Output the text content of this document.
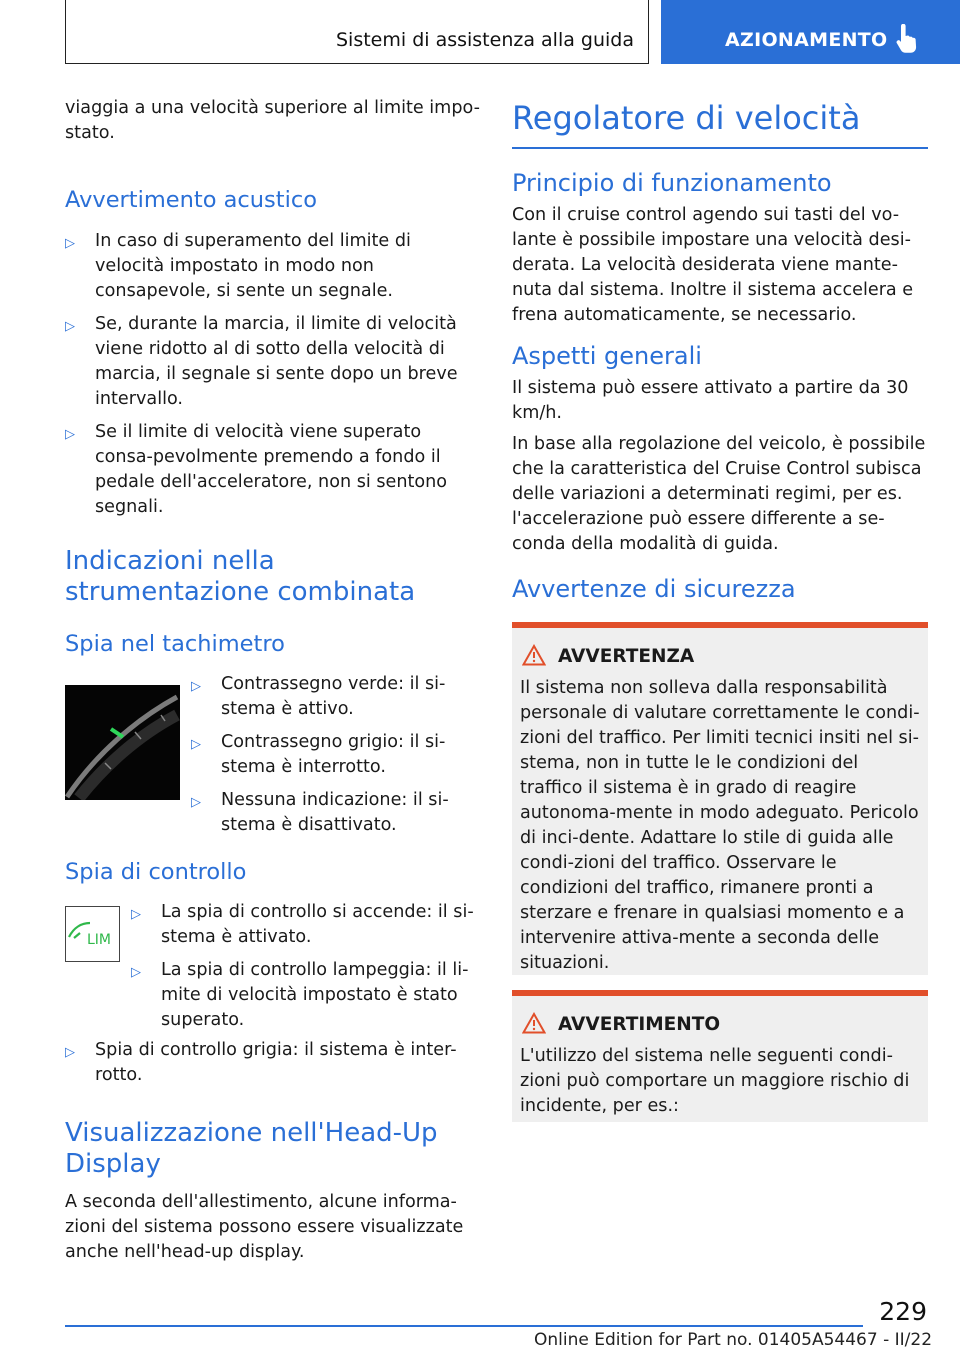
Sistemi di assistenza alla guida	AZIONAMENTO

viaggia a una velocità superiore al limite impo-
stato.

Avvertimento acustico
▷ In caso di superamento del limite di velocità impostato in modo non consapevole, si sente un segnale.
▷ Se, durante la marcia, il limite di velocità viene ridotto al di sotto della velocità di marcia, il segnale si sente dopo un breve intervallo.
▷ Se il limite di velocità viene superato consa-pevolmente premendo a fondo il pedale dell'acceleratore, non si sentono segnali.
Indicazioni nella strumentazione combinata
Spia nel tachimetro
▷ Contrassegno verde: il si-stema è attivo.
▷ Contrassegno grigio: il si-stema è interrotto.
▷ Nessuna indicazione: il si-stema è disattivato.
Spia di controllo
LIM
▷ La spia di controllo si accende: il si-stema è attivato.
▷ La spia di controllo lampeggia: il li-mite di velocità impostato è stato superato.
▷ Spia di controllo grigia: il sistema è inter-rotto.
Visualizzazione nell'Head-Up Display

A seconda dell'allestimento, alcune informa-zioni del sistema possono essere visualizzate anche nell'head-up display.

Regolatore di velocità
Principio di funzionamento

Con il cruise control agendo sui tasti del vo-lante è possibile impostare una velocità desi-derata. La velocità desiderata viene mante-nuta dal sistema. Inoltre il sistema accelera e frena automaticamente, se necessario.

Aspetti generali

Il sistema può essere attivato a partire da 30 km/h.

In base alla regolazione del veicolo, è possibile che la caratteristica del Cruise Control subisca delle variazioni a determinati regimi, per es. l'accelerazione può essere differente a se-conda della modalità di guida.

Avvertenze di sicurezza
AVVERTENZA

Il sistema non solleva dalla responsabilità personale di valutare correttamente le condi-zioni del traffico. Per limiti tecnici insiti nel si-stema, non in tutte le le condizioni del traffico il sistema è in grado di reagire autonoma-mente in modo adeguato. Pericolo di inci-dente. Adattare lo stile di guida alle condi-zioni del traffico. Osservare le condizioni del traffico, rimanere pronti a sterzare e frenare in qualsiasi momento e a intervenire attiva-mente a seconda delle situazioni.

AVVERTIMENTO

L'utilizzo del sistema nelle seguenti condi-zioni può comportare un maggiore rischio di incidente, per es.:

229
Online Edition for Part no. 01405A54467 - II/22
